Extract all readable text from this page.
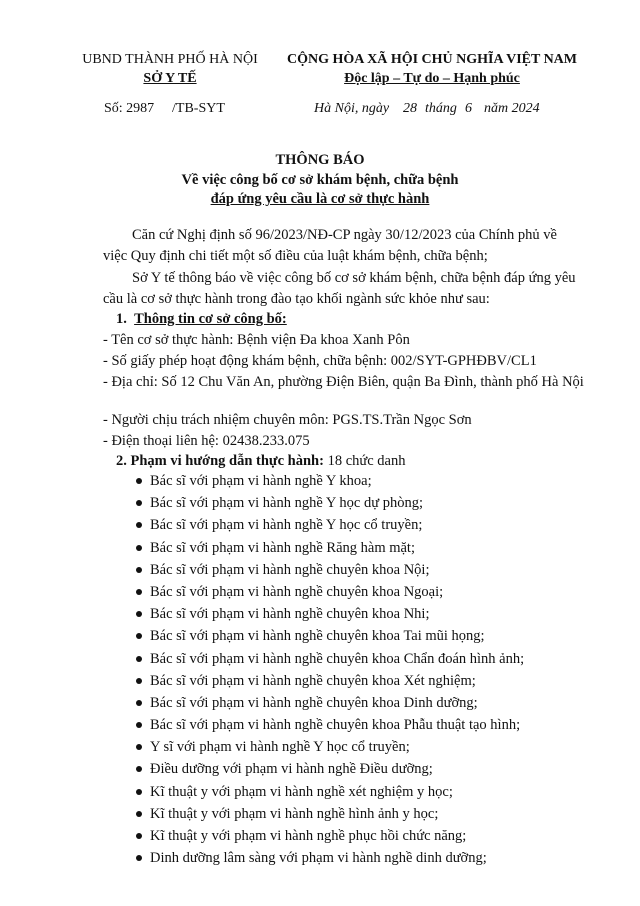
UBND THÀNH PHỐ HÀ NỘI
SỞ Y TẾ
CỘNG HÒA XÃ HỘI CHỦ NGHĨA VIỆT NAM
Độc lập – Tự do – Hạnh phúc
Số: 2987 /TB-SYT	Hà Nội, ngày 28 tháng 6 năm 2024
THÔNG BÁO
Về việc công bố cơ sở khám bệnh, chữa bệnh
đáp ứng yêu cầu là cơ sở thực hành
Căn cứ Nghị định số 96/2023/NĐ-CP ngày 30/12/2023 của Chính phủ về việc Quy định chi tiết một số điều của luật khám bệnh, chữa bệnh;
Sở Y tế thông báo về việc công bố cơ sở khám bệnh, chữa bệnh đáp ứng yêu cầu là cơ sở thực hành trong đào tạo khối ngành sức khỏe như sau:
1. Thông tin cơ sở công bố:
- Tên cơ sở thực hành: Bệnh viện Đa khoa Xanh Pôn
- Số giấy phép hoạt động khám bệnh, chữa bệnh: 002/SYT-GPHĐBV/CL1
- Địa chỉ: Số 12 Chu Văn An, phường Điện Biên, quận Ba Đình, thành phố Hà Nội
- Người chịu trách nhiệm chuyên môn: PGS.TS.Trần Ngọc Sơn
- Điện thoại liên hệ: 02438.233.075
2. Phạm vi hướng dẫn thực hành: 18 chức danh
Bác sĩ với phạm vi hành nghề Y khoa;
Bác sĩ với phạm vi hành nghề Y học dự phòng;
Bác sĩ với phạm vi hành nghề Y học cổ truyền;
Bác sĩ với phạm vi hành nghề Răng hàm mặt;
Bác sĩ với phạm vi hành nghề chuyên khoa Nội;
Bác sĩ với phạm vi hành nghề chuyên khoa Ngoại;
Bác sĩ với phạm vi hành nghề chuyên khoa Nhi;
Bác sĩ với phạm vi hành nghề chuyên khoa Tai mũi họng;
Bác sĩ với phạm vi hành nghề chuyên khoa Chẩn đoán hình ảnh;
Bác sĩ với phạm vi hành nghề chuyên khoa Xét nghiệm;
Bác sĩ với phạm vi hành nghề chuyên khoa Dinh dưỡng;
Bác sĩ với phạm vi hành nghề chuyên khoa Phẫu thuật tạo hình;
Y sĩ với phạm vi hành nghề Y học cổ truyền;
Điều dưỡng với phạm vi hành nghề Điều dưỡng;
Kĩ thuật y với phạm vi hành nghề xét nghiệm y học;
Kĩ thuật y với phạm vi hành nghề hình ảnh y học;
Kĩ thuật y với phạm vi hành nghề phục hồi chức năng;
Dinh dưỡng lâm sàng với phạm vi hành nghề dinh dưỡng;
